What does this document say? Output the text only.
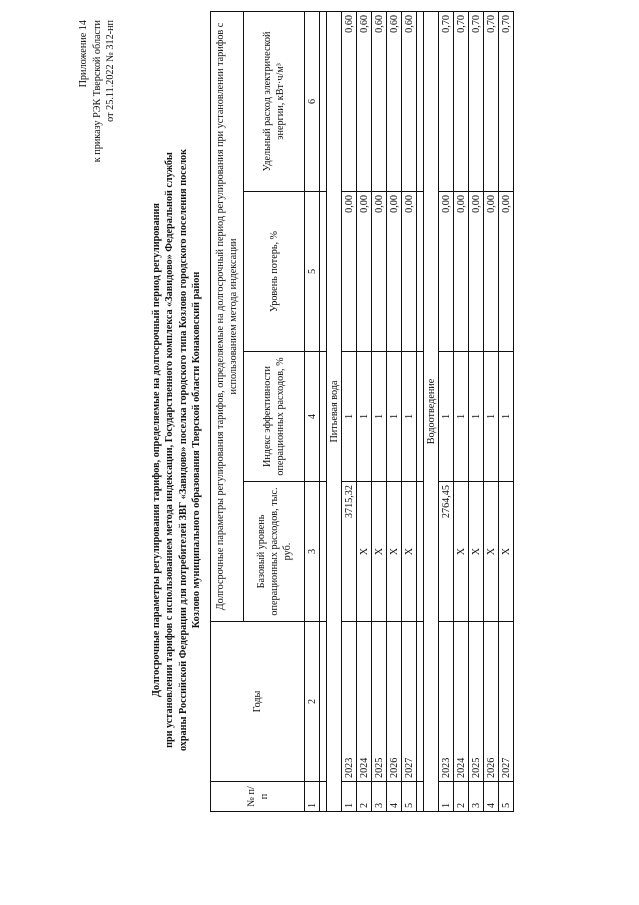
Приложение 14 к приказу РЭК Тверской области от 25.11.2022 № 312-нп
Долгосрочные параметры регулирования тарифов, определяемые на долгосрочный период регулирования при установлении тарифов с использованием метода индексации, Государственного комплекса «Завидово» Федеральной службы охраны Российской Федерации для потребителей ЗВГ «Завидово» поселка городского типа Козлово городского поселения поселок Козлово муниципального образования Тверской области Конаковский район
№ п/п	Годы	Долгосрочные параметры регулирования тарифов, определяемые на долгосрочный период регулирования при установлении тарифов с использованием метода индексации			
		Базовый уровень операционных расходов, тыс. руб.	Индекс эффективности операционных расходов, %	Уровень потерь, %	Удельный расход электрической энергии, кВт·ч/м³
1	2	3	4	5	6

Питьевая вода					
1	2023	3715,32	1	0,00	0,60
2	2024	Х	1	0,00	0,60
3	2025	Х	1	0,00	0,60
4	2026	Х	1	0,00	0,60
5	2027	Х	1	0,00	0,60

Водоотведение					
1	2023	2764,45	1	0,00	0,70
2	2024	Х	1	0,00	0,70
3	2025	Х	1	0,00	0,70
4	2026	Х	1	0,00	0,70
5	2027	Х	1	0,00	0,70
